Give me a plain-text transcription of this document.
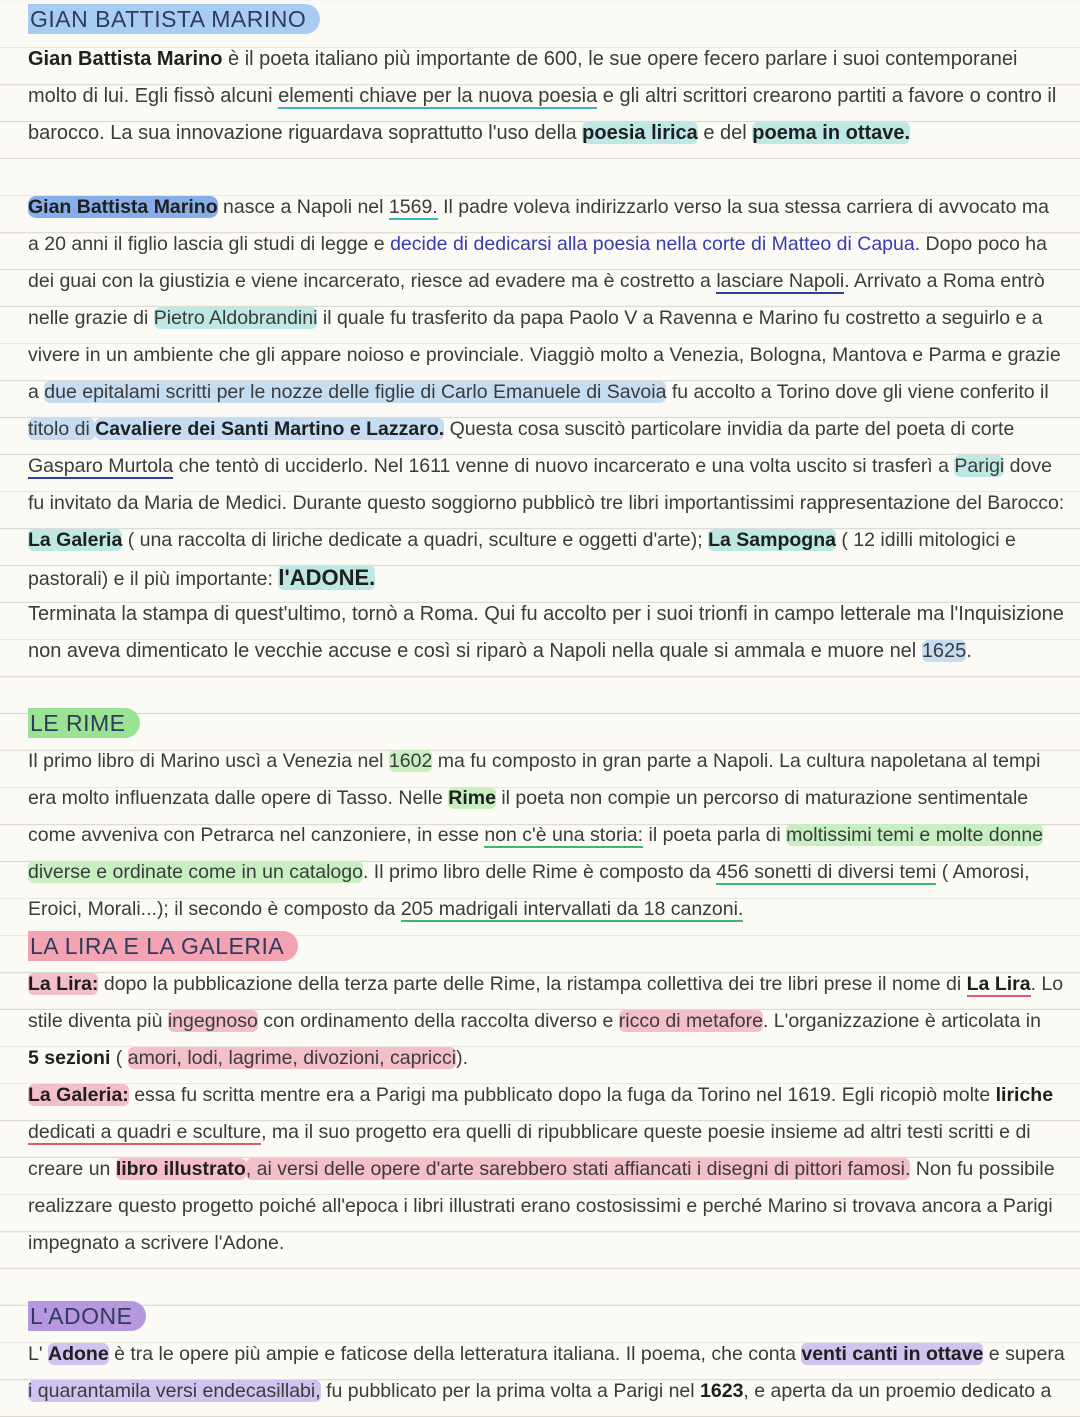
GIAN BATTISTA MARINO

Gian Battista Marino è il poeta italiano più importante de 600, le sue opere fecero parlare i suoi contemporanei
molto di lui. Egli fissò alcuni elementi chiave per la nuova poesia e gli altri scrittori crearono partiti a favore o contro il
barocco. La sua innovazione riguardava soprattutto l'uso della poesia lirica e del poema in ottave.

Gian Battista Marino nasce a Napoli nel 1569. Il padre voleva indirizzarlo verso la sua stessa carriera di avvocato ma
a 20 anni il figlio lascia gli studi di legge e decide di dedicarsi alla poesia nella corte di Matteo di Capua. Dopo poco ha
dei guai con la giustizia e viene incarcerato, riesce ad evadere ma è costretto a lasciare Napoli. Arrivato a Roma entrò
nelle grazie di Pietro Aldobrandini il quale fu trasferito da papa Paolo V a Ravenna e Marino fu costretto a seguirlo e a
vivere in un ambiente che gli appare noioso e provinciale. Viaggiò molto a Venezia, Bologna, Mantova e Parma e grazie
a due epitalami scritti per le nozze delle figlie di Carlo Emanuele di Savoia fu accolto a Torino dove gli viene conferito il
titolo di Cavaliere dei Santi Martino e Lazzaro. Questa cosa suscitò particolare invidia da parte del poeta di corte
Gasparo Murtola che tentò di ucciderlo. Nel 1611 venne di nuovo incarcerato e una volta uscito si trasferì a Parigi dove
fu invitato da Maria de Medici. Durante questo soggiorno pubblicò tre libri importantissimi rappresentazione del Barocco:
La Galeria ( una raccolta di liriche dedicate a quadri, sculture e oggetti d'arte); La Sampogna ( 12 idilli mitologici e
pastorali) e il più importante: l'ADONE.

Terminata la stampa di quest'ultimo, tornò a Roma. Qui fu accolto per i suoi trionfi in campo letterale ma l'Inquisizione
non aveva dimenticato le vecchie accuse e così si riparò a Napoli nella quale si ammala e muore nel 1625.

LE RIME

Il primo libro di Marino uscì a Venezia nel 1602 ma fu composto in gran parte a Napoli. La cultura napoletana al tempi
era molto influenzata dalle opere di Tasso. Nelle Rime il poeta non compie un percorso di maturazione sentimentale
come avveniva con Petrarca nel canzoniere, in esse non c'è una storia: il poeta parla di moltissimi temi e molte donne
diverse e ordinate come in un catalogo. Il primo libro delle Rime è composto da 456 sonetti di diversi temi ( Amorosi,
Eroici, Morali...); il secondo è composto da 205 madrigali intervallati da 18 canzoni.

LA LIRA E LA GALERIA

La Lira: dopo la pubblicazione della terza parte delle Rime, la ristampa collettiva dei tre libri prese il nome di La Lira. Lo
stile diventa più ingegnoso con ordinamento della raccolta diverso e ricco di metafore. L'organizzazione è articolata in
5 sezioni ( amori, lodi, lagrime, divozioni, capricci).
La Galeria: essa fu scritta mentre era a Parigi ma pubblicato dopo la fuga da Torino nel 1619. Egli ricopiò molte liriche
dedicati a quadri e sculture, ma il suo progetto era quelli di ripubblicare queste poesie insieme ad altri testi scritti e di
creare un libro illustrato, ai versi delle opere d'arte sarebbero stati affiancati i disegni di pittori famosi. Non fu possibile
realizzare questo progetto poiché all'epoca i libri illustrati erano costosissimi e perché Marino si trovava ancora a Parigi
impegnato a scrivere l'Adone.

L'ADONE

L' Adone è tra le opere più ampie e faticose della letteratura italiana. Il poema, che conta venti canti in ottave e supera
i quarantamila versi endecasillabi, fu pubblicato per la prima volta a Parigi nel 1623, e aperta da un proemio dedicato a
